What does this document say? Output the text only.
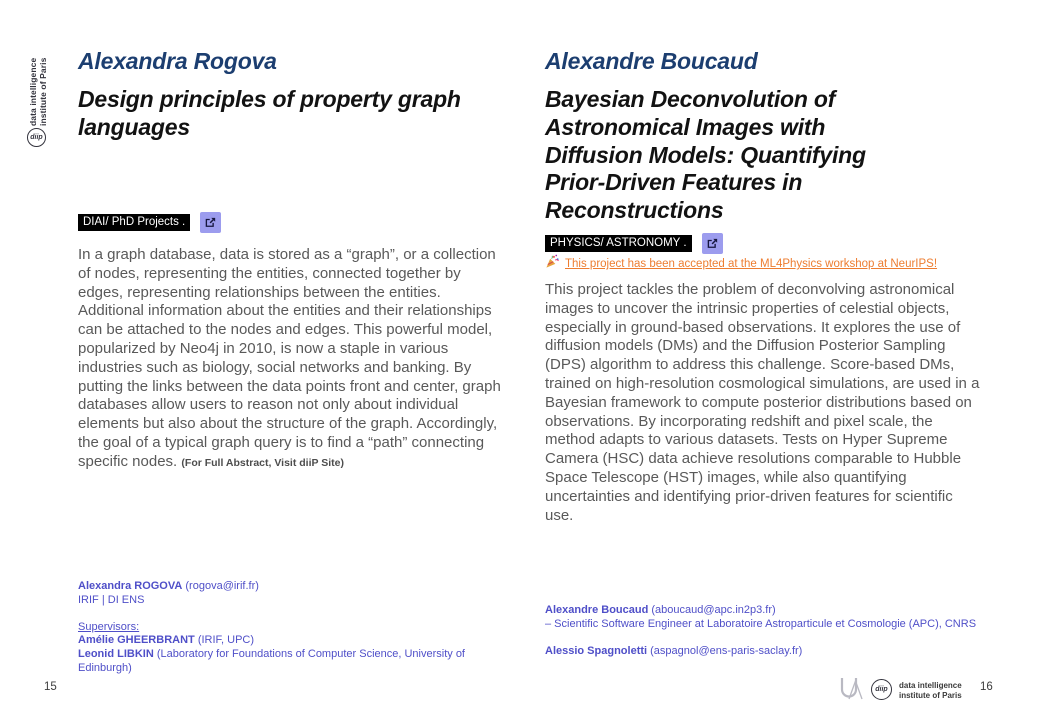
data intelligence institute of Paris
diip
Alexandra Rogova
Design principles of property graph languages
DIAI/ PhD Projects .
In a graph database, data is stored as a “graph”, or a collection of nodes, representing the entities, connected together by edges, representing relationships between the entities. Additional information about the entities and their relationships can be attached to the nodes and edges. This powerful model, popularized by Neo4j in 2010, is now a staple in various industries such as biology, social networks and banking. By putting the links between the data points front and center, graph databases allow users to reason not only about individual elements but also about the structure of the graph. Accordingly, the goal of a typical graph query is to find a “path” connecting specific nodes. (For Full Abstract, Visit diiP Site)
Alexandra ROGOVA (rogova@irif.fr)
IRIF | DI ENS
Supervisors:
Amélie GHEERBRANT (IRIF, UPC)
Leonid LIBKIN (Laboratory for Foundations of Computer Science, University of Edinburgh)
15
Alexandre Boucaud
Bayesian Deconvolution of Astronomical Images with Diffusion Models: Quantifying Prior-Driven Features in Reconstructions
PHYSICS/ ASTRONOMY .
This project has been accepted at the ML4Physics workshop at NeurIPS!
This project tackles the problem of deconvolving astronomical images to uncover the intrinsic properties of celestial objects, especially in ground-based observations. It explores the use of diffusion models (DMs) and the Diffusion Posterior Sampling (DPS) algorithm to address this challenge. Score-based DMs, trained on high-resolution cosmological simulations, are used in a Bayesian framework to compute posterior distributions based on observations. By incorporating redshift and pixel scale, the method adapts to various datasets. Tests on Hyper Supreme Camera (HSC) data achieve resolutions comparable to Hubble Space Telescope (HST) images, while also quantifying uncertainties and identifying prior-driven features for scientific use.
Alexandre Boucaud (aboucaud@apc.in2p3.fr)
– Scientific Software Engineer at Laboratoire Astroparticule et Cosmologie (APC), CNRS
Alessio Spagnoletti (aspagnol@ens-paris-saclay.fr)
diip data intelligence institute of Paris
16
